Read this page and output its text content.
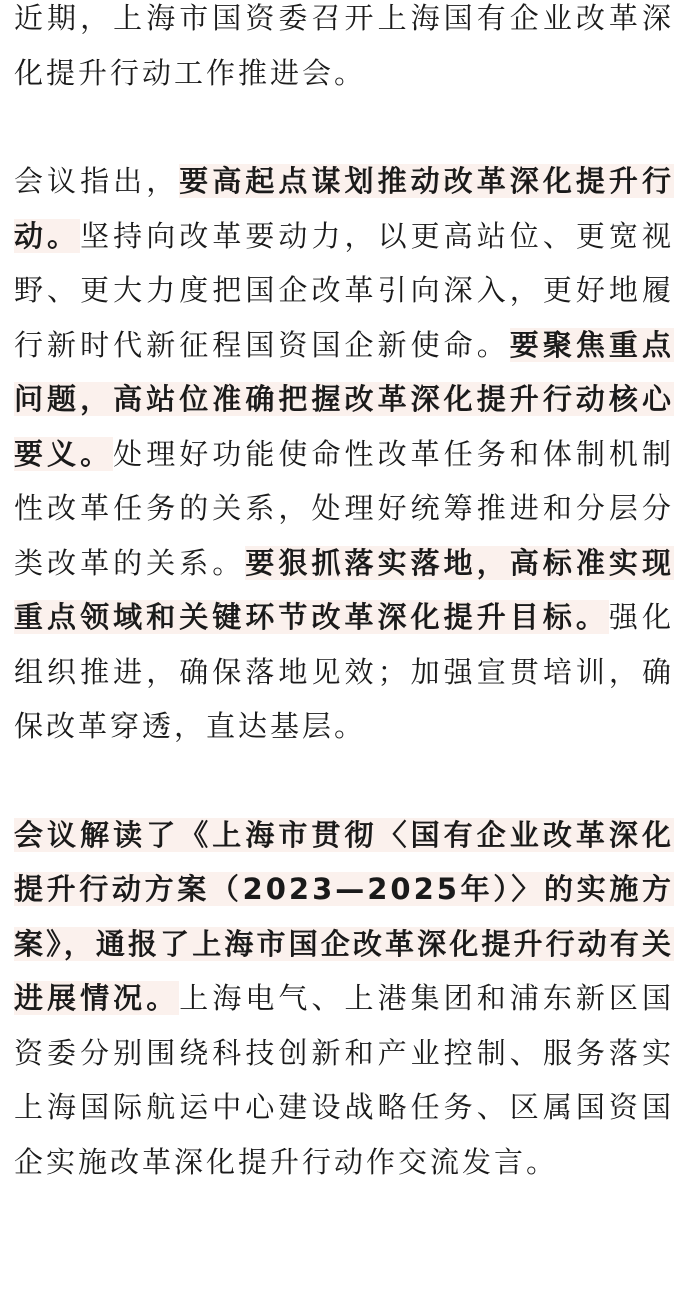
近期，上海市国资委召开上海国有企业改革深化提升行动工作推进会。

会议指出，要高起点谋划推动改革深化提升行动。坚持向改革要动力，以更高站位、更宽视野、更大力度把国企改革引向深入，更好地履行新时代新征程国资国企新使命。要聚焦重点问题，高站位准确把握改革深化提升行动核心要义。处理好功能使命性改革任务和体制机制性改革任务的关系，处理好统筹推进和分层分类改革的关系。要狠抓落实落地，高标准实现重点领域和关键环节改革深化提升目标。强化组织推进，确保落地见效；加强宣贯培训，确保改革穿透，直达基层。

会议解读了《上海市贯彻〈国有企业改革深化提升行动方案（2023—2025年）〉的实施方案》，通报了上海市国企改革深化提升行动有关进展情况。上海电气、上港集团和浦东新区国资委分别围绕科技创新和产业控制、服务落实上海国际航运中心建设战略任务、区属国资国企实施改革深化提升行动作交流发言。
